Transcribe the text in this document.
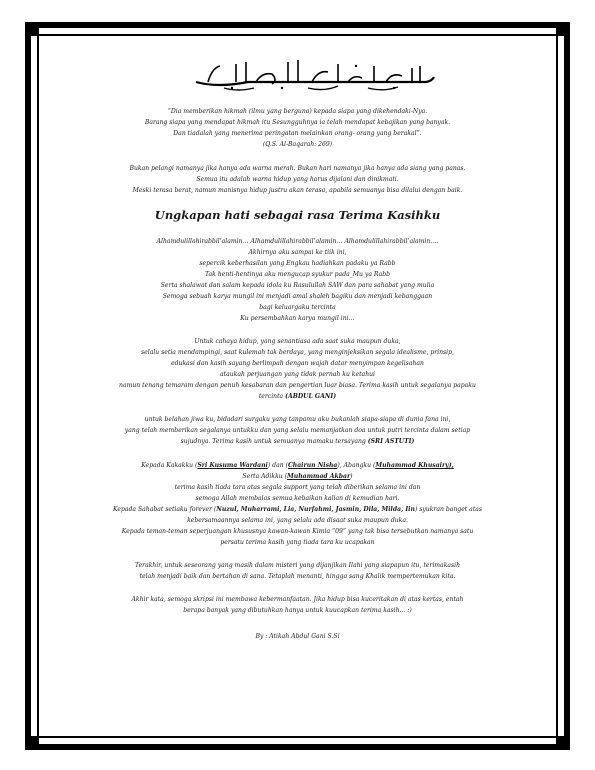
“Dia memberikan hikmah (ilmu yang berguna) kepada siapa yang dikehendaki-Nya.
Barang siapa yang mendapat hikmah itu Sesungguhnya ia telah mendapat kebajikan yang banyak.
Dan tiadalah yang menerima peringatan melainkan orang- orang yang berakal”.
(Q.S. Al-Baqarah: 269)
Bukan pelangi namanya jika hanya ada warna merah. Bukan hari namanya jika hanya ada siang yang panas.
Semua itu adalah warna hidup yang harus dijalani dan dinikmati.
Meski terasa berat, namun manisnya hidup justru akan terasa, apabila semuanya bisa dilalui dengan baik.
Ungkapan hati sebagai rasa Terima Kasihku
Alhamdulillahirabbil’alamin… Alhamdulillahirabbil’alamin… Alhamdulillahirabbil’alamin….
Akhirnya aku sampai ke tiik ini,
sepercik keberhasilan yang Engkau hadiahkan padaku ya Rabb
Tak henti-hentinya aku mengucap syukur pada_Mu ya Rabb
Serta shalawat dan salam kepada idola ku Rasulullah SAW dan para sahabat yang mulia
Semoga sebuah karya mungil ini menjadi amal shaleh bagiku dan menjadi kebanggaan
bagi keluargaku tercinta
Ku persembahkan karya mungil ini…
Untuk cahaya hidup, yang senantiasa ada saat suka maupun duka,
selalu setia mendampingi, saat kulemah tak berdaya, yang menginjeksikan segala idealisme, prinsip,
edukasi dan kasih sayang berlimpah dengan wajah datar menyimpan kegelisahan
ataukah perjuangan yang tidak pernah ku ketahui
namun tenang temaram dengan penuh kesabaran dan pengertian luar biasa. Terima kasih untuk segalanya papaku
tercinta (ABDUL GANI)
untuk belahan jiwa ku, bidadari surgaku yang tanpamu aku bukanlah siapa-siapa di dunia fana ini,
yang telah memberikan segalanya untukku dan yang selalu memanjatkan doa untuk putri tercinta dalam setiap
sujudnya. Terima kasih untuk semuanya mamaku tersayang (SRI ASTUTI)
Kepada Kakakku (Sri Kusuma Wardani) dan (Chairun Nisha), Abangku (Muhammad Khusairy),
Serta Adikku (Muhammad Akbar)
terima kasih tiada tara atas segala support yang telah diberikan selama ini dan
semoga Allah membalas semua kebaikan kalian di kemudian hari.
Kepada Sahabat setiaku forever (Nuzul, Muharrami, Lia, Nurfahmi, Jasmin, Dila, Milda, Iin) syukran banget atas
kebersamaannya selama ini, yang selalu ada disaat suka maupun duka.
Kepada teman-teman seperjuangan khususnya kawan-kawan Kimia “09” yang tak bisa tersebutkan namanya satu
persatu terima kasih yang tiada tara ku ucapakan
Terakhir, untuk seseorang yang masih dalam misteri yang dijanjikan Ilahi yang siapapun itu, terimakasih
telah menjadi baik dan bertahan di sana. Tetaplah menanti, hingga sang Khalik mempertemukan kita.
Akhir kata, semoga skripsi ini membawa kebermanfaatan. Jika hidup bisa kuceritakan di atas kertas, entah
berapa banyak yang dibutuhkan hanya untuk kuucapkan terima kasih... :)
By : Atikah Abdul Gani S.Si
